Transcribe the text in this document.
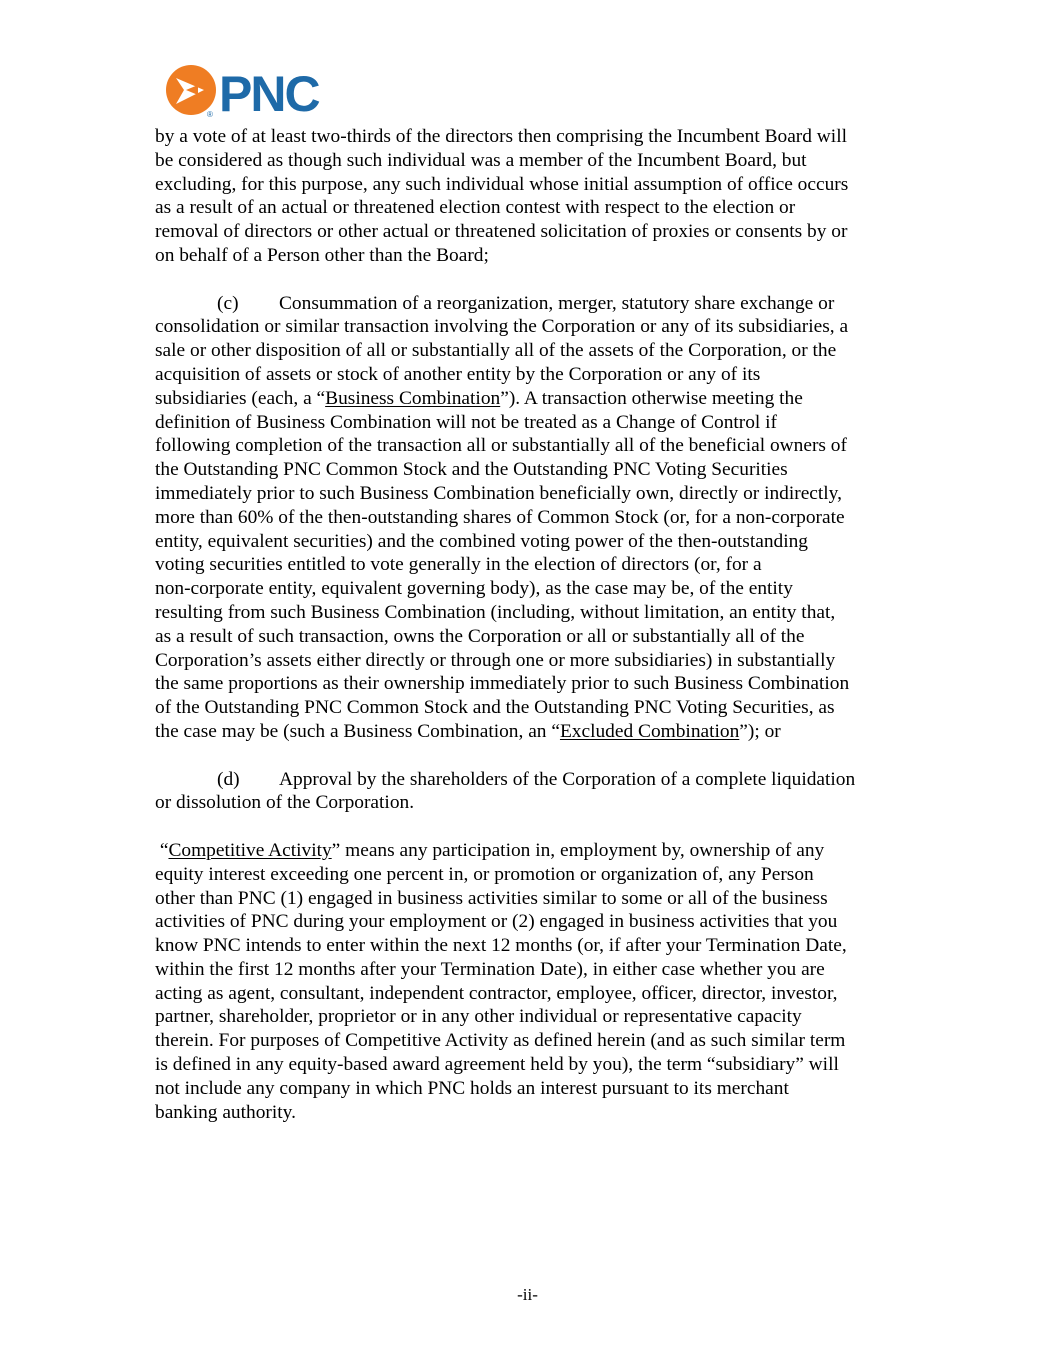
® PNC
by a vote of at least two-thirds of the directors then comprising the Incumbent Board will
be considered as though such individual was a member of the Incumbent Board, but
excluding, for this purpose, any such individual whose initial assumption of office occurs
as a result of an actual or threatened election contest with respect to the election or
removal of directors or other actual or threatened solicitation of proxies or consents by or
on behalf of a Person other than the Board;
(c) Consummation of a reorganization, merger, statutory share exchange or
consolidation or similar transaction involving the Corporation or any of its subsidiaries, a
sale or other disposition of all or substantially all of the assets of the Corporation, or the
acquisition of assets or stock of another entity by the Corporation or any of its
subsidiaries (each, a “Business Combination”). A transaction otherwise meeting the
definition of Business Combination will not be treated as a Change of Control if
following completion of the transaction all or substantially all of the beneficial owners of
the Outstanding PNC Common Stock and the Outstanding PNC Voting Securities
immediately prior to such Business Combination beneficially own, directly or indirectly,
more than 60% of the then-outstanding shares of Common Stock (or, for a non-corporate
entity, equivalent securities) and the combined voting power of the then-outstanding
voting securities entitled to vote generally in the election of directors (or, for a
non-corporate entity, equivalent governing body), as the case may be, of the entity
resulting from such Business Combination (including, without limitation, an entity that,
as a result of such transaction, owns the Corporation or all or substantially all of the
Corporation’s assets either directly or through one or more subsidiaries) in substantially
the same proportions as their ownership immediately prior to such Business Combination
of the Outstanding PNC Common Stock and the Outstanding PNC Voting Securities, as
the case may be (such a Business Combination, an “Excluded Combination”); or
(d) Approval by the shareholders of the Corporation of a complete liquidation
or dissolution of the Corporation.
“Competitive Activity” means any participation in, employment by, ownership of any
equity interest exceeding one percent in, or promotion or organization of, any Person
other than PNC (1) engaged in business activities similar to some or all of the business
activities of PNC during your employment or (2) engaged in business activities that you
know PNC intends to enter within the next 12 months (or, if after your Termination Date,
within the first 12 months after your Termination Date), in either case whether you are
acting as agent, consultant, independent contractor, employee, officer, director, investor,
partner, shareholder, proprietor or in any other individual or representative capacity
therein. For purposes of Competitive Activity as defined herein (and as such similar term
is defined in any equity-based award agreement held by you), the term “subsidiary” will
not include any company in which PNC holds an interest pursuant to its merchant
banking authority.
-ii-
